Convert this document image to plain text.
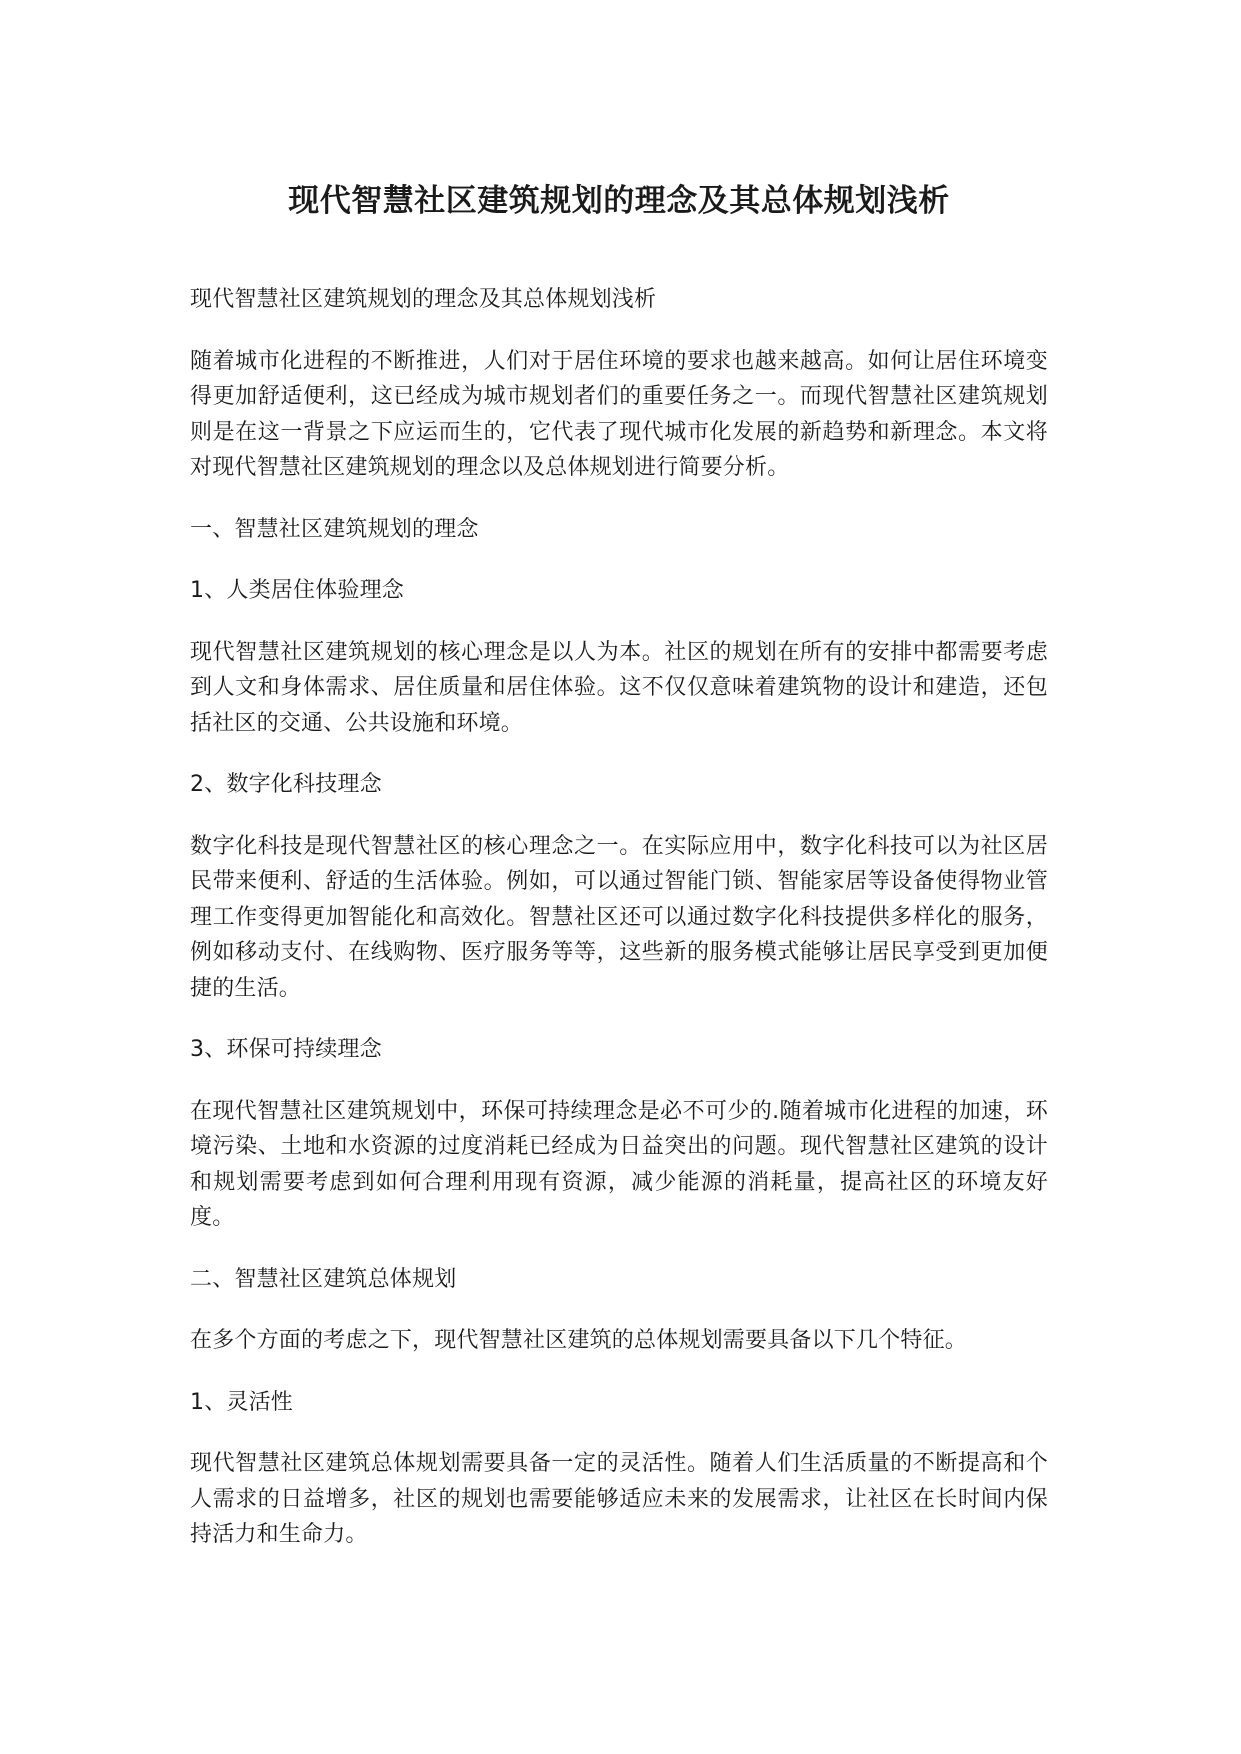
现代智慧社区建筑规划的理念及其总体规划浅析

现代智慧社区建筑规划的理念及其总体规划浅析

随着城市化进程的不断推进，人们对于居住环境的要求也越来越高。如何让居住环境变得更加舒适便利，这已经成为城市规划者们的重要任务之一。而现代智慧社区建筑规划则是在这一背景之下应运而生的，它代表了现代城市化发展的新趋势和新理念。本文将对现代智慧社区建筑规划的理念以及总体规划进行简要分析。

一、智慧社区建筑规划的理念

1、人类居住体验理念

现代智慧社区建筑规划的核心理念是以人为本。社区的规划在所有的安排中都需要考虑到人文和身体需求、居住质量和居住体验。这不仅仅意味着建筑物的设计和建造，还包括社区的交通、公共设施和环境。

2、数字化科技理念

数字化科技是现代智慧社区的核心理念之一。在实际应用中，数字化科技可以为社区居民带来便利、舒适的生活体验。例如，可以通过智能门锁、智能家居等设备使得物业管理工作变得更加智能化和高效化。智慧社区还可以通过数字化科技提供多样化的服务，例如移动支付、在线购物、医疗服务等等，这些新的服务模式能够让居民享受到更加便捷的生活。

3、环保可持续理念

在现代智慧社区建筑规划中，环保可持续理念是必不可少的.随着城市化进程的加速，环境污染、土地和水资源的过度消耗已经成为日益突出的问题。现代智慧社区建筑的设计和规划需要考虑到如何合理利用现有资源，减少能源的消耗量，提高社区的环境友好度。

二、智慧社区建筑总体规划

在多个方面的考虑之下，现代智慧社区建筑的总体规划需要具备以下几个特征。

1、灵活性

现代智慧社区建筑总体规划需要具备一定的灵活性。随着人们生活质量的不断提高和个人需求的日益增多，社区的规划也需要能够适应未来的发展需求，让社区在长时间内保持活力和生命力。
